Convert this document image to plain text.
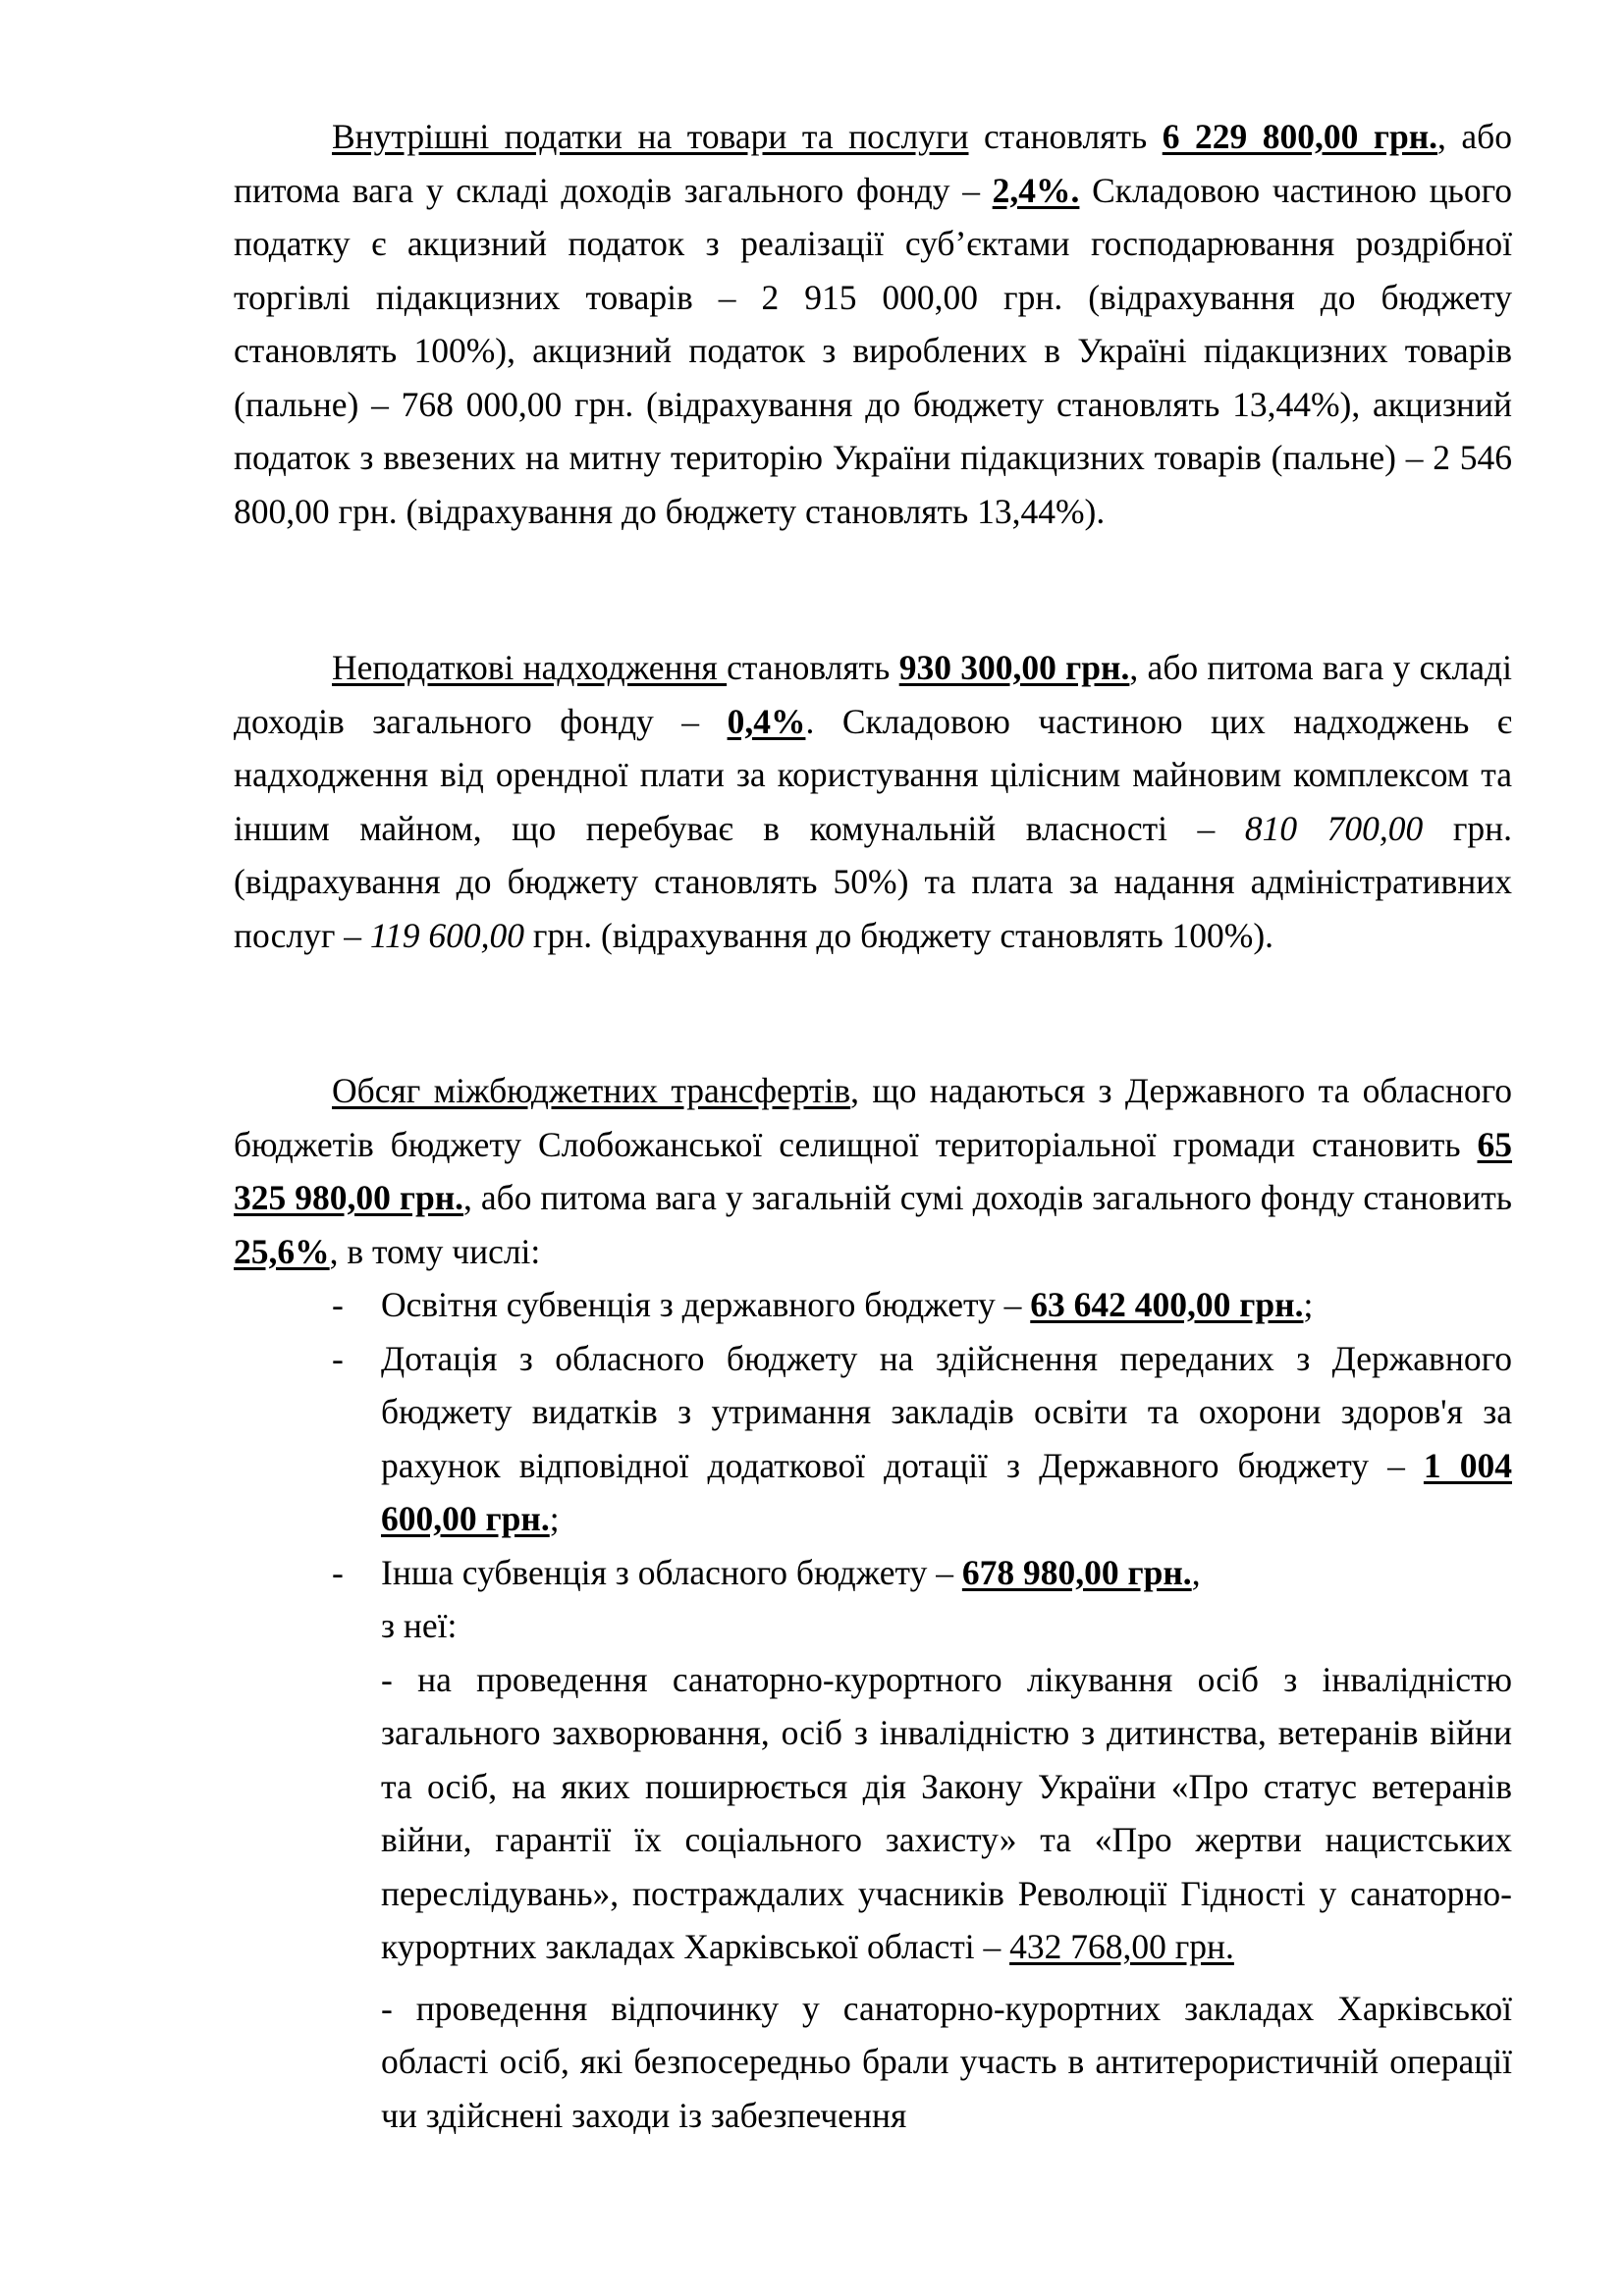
Внутрішні податки на товари та послуги становлять 6 229 800,00 грн., або питома вага у складі доходів загального фонду – 2,4%. Складовою частиною цього податку є акцизний податок з реалізації суб’єктами господарювання роздрібної торгівлі підакцизних товарів – 2 915 000,00 грн. (відрахування до бюджету становлять 100%), акцизний податок з вироблених в Україні підакцизних товарів (пальне) – 768 000,00 грн. (відрахування до бюджету становлять 13,44%), акцизний податок з ввезених на митну територію України підакцизних товарів (пальне) – 2 546 800,00 грн. (відрахування до бюджету становлять 13,44%).

Неподаткові надходження становлять 930 300,00 грн., або питома вага у складі доходів загального фонду – 0,4%. Складовою частиною цих надходжень є надходження від орендної плати за користування цілісним майновим комплексом та іншим майном, що перебуває в комунальній власності – 810 700,00 грн. (відрахування до бюджету становлять 50%) та плата за надання адміністративних послуг – 119 600,00 грн. (відрахування до бюджету становлять 100%).

Обсяг міжбюджетних трансфертів, що надаються з Державного та обласного бюджетів бюджету Слобожанської селищної територіальної громади становить 65 325 980,00 грн., або питома вага у загальній сумі доходів загального фонду становить 25,6%, в тому числі:

- Освітня субвенція з державного бюджету – 63 642 400,00 грн.;

- Дотація з обласного бюджету на здійснення переданих з Державного бюджету видатків з утримання закладів освіти та охорони здоров'я за рахунок відповідної додаткової дотації з Державного бюджету – 1 004 600,00 грн.;

- Інша субвенція з обласного бюджету – 678 980,00 грн.,

з неї:

- на проведення санаторно-курортного лікування осіб з інвалідністю загального захворювання, осіб з інвалідністю з дитинства, ветеранів війни та осіб, на яких поширюється дія Закону України «Про статус ветеранів війни, гарантії їх соціального захисту» та «Про жертви нацистських переслідувань», постраждалих учасників Революції Гідності у санаторно-курортних закладах Харківської області – 432 768,00 грн.

- проведення відпочинку у санаторно-курортних закладах Харківської області осіб, які безпосередньо брали участь в антитерористичній операції чи здійснені заходи із забезпечення
